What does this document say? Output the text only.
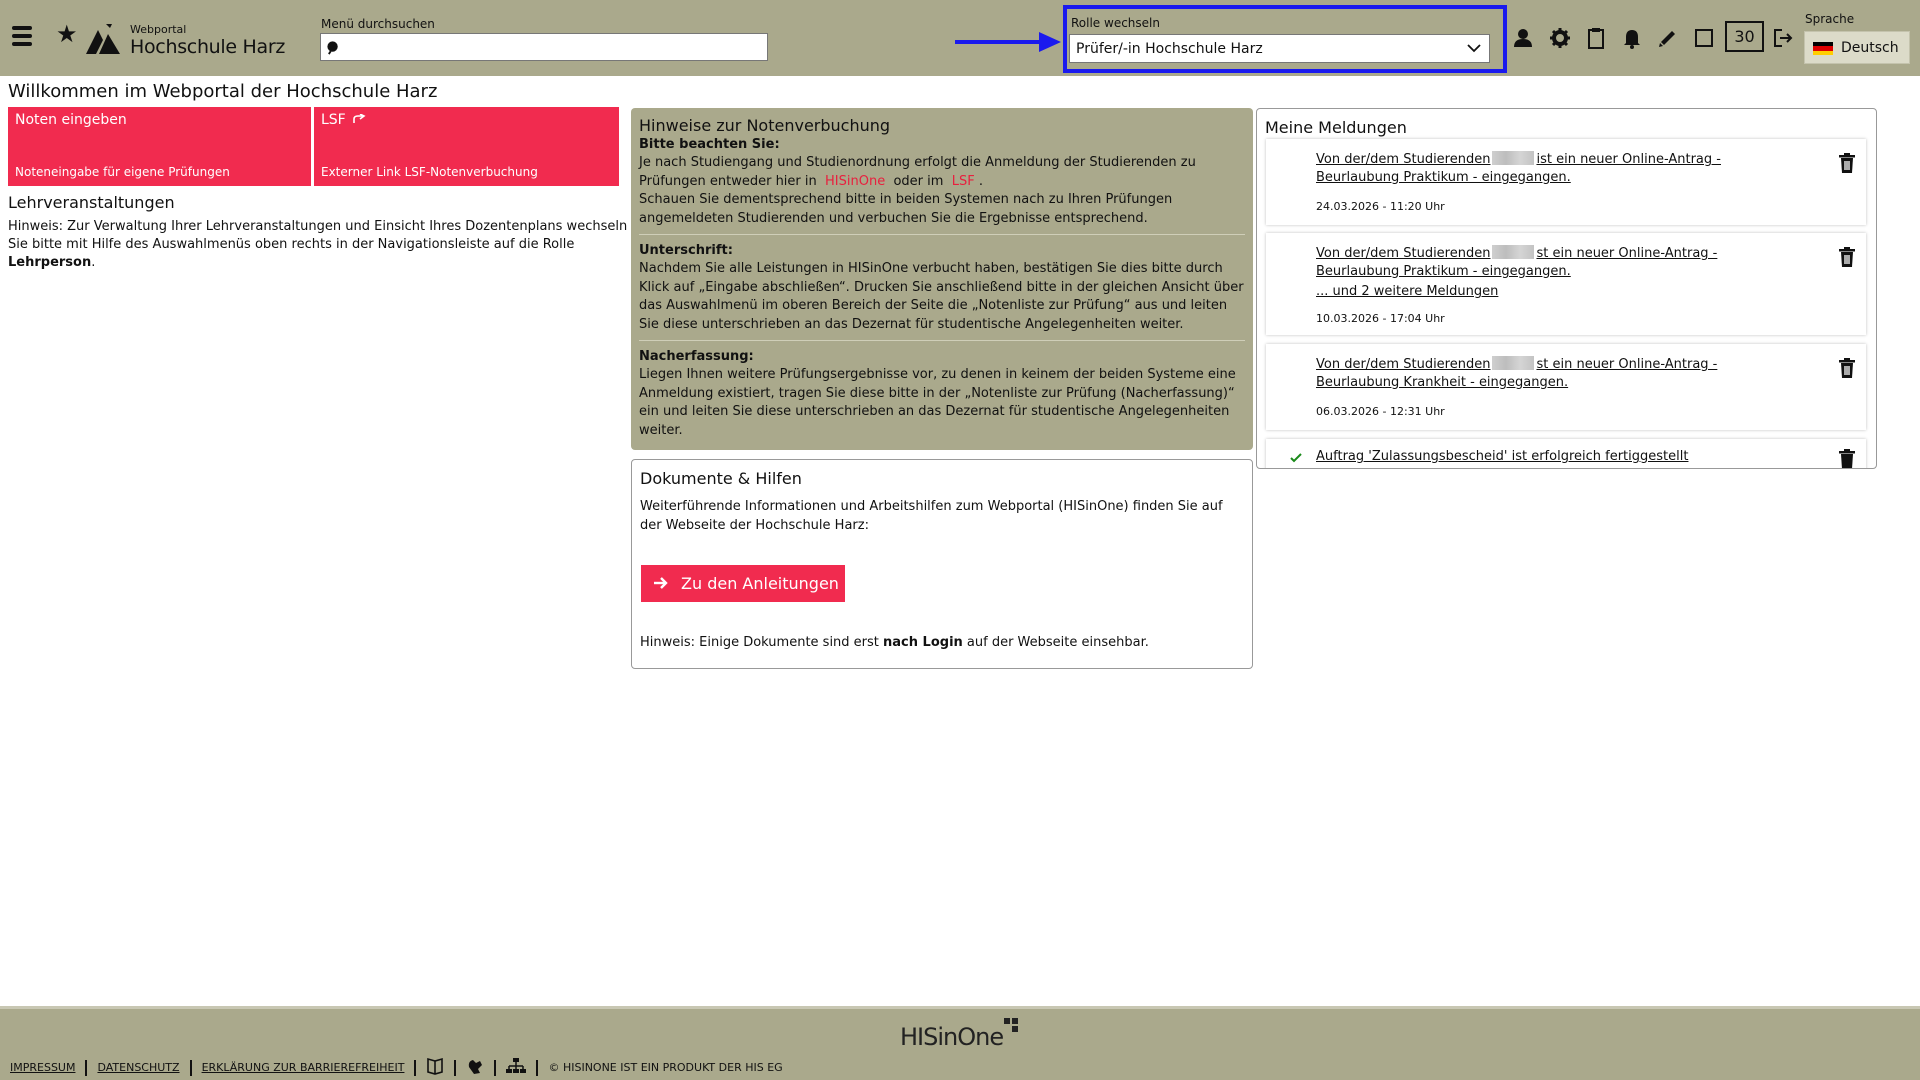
★	Webportal
Hochschule Harz
Menü durchsuchen	Rolle wechseln
Prüfer/-in Hochschule Harz
30
Sprache
Deutsch
Willkommen im Webportal der Hochschule Harz
Noten eingeben
Noteneingabe für eigene Prüfungen
LSF
Externer Link LSF-Notenverbuchung
Lehrveranstaltungen
Hinweis: Zur Verwaltung Ihrer Lehrveranstaltungen und Einsicht Ihres Dozentenplans wechseln Sie bitte mit Hilfe des Auswahlmenüs oben rechts in der Navigationsleiste auf die Rolle Lehrperson.
Hinweise zur Notenverbuchung
Bitte beachten Sie:

Je nach Studiengang und Studienordnung erfolgt die Anmeldung der Studierenden zu Prüfungen entweder hier in HISinOne oder im LSF .
Schauen Sie dementsprechend bitte in beiden Systemen nach zu Ihren Prüfungen angemeldeten Studierenden und verbuchen Sie die Ergebnisse entsprechend.

Unterschrift:

Nachdem Sie alle Leistungen in HISinOne verbucht haben, bestätigen Sie dies bitte durch Klick auf „Eingabe abschließen“. Drucken Sie anschließend bitte in der gleichen Ansicht über das Auswahlmenü im oberen Bereich der Seite die „Notenliste zur Prüfung“ aus und leiten Sie diese unterschrieben an das Dezernat für studentische Angelegenheiten weiter.

Nacherfassung:

Liegen Ihnen weitere Prüfungsergebnisse vor, zu denen in keinem der beiden Systeme eine Anmeldung existiert, tragen Sie diese bitte in der „Notenliste zur Prüfung (Nacherfassung)“ ein und leiten Sie diese unterschrieben an das Dezernat für studentische Angelegenheiten weiter.

Dokumente & Hilfen
Weiterführende Informationen und Arbeitshilfen zum Webportal (HISinOne) finden Sie auf der Webseite der Hochschule Harz:
Zu den Anleitungen
Hinweis: Einige Dokumente sind erst nach Login auf der Webseite einsehbar.
Meine Meldungen
Von der/dem Studierenden	ist ein neuer Online-Antrag - Beurlaubung Praktikum - eingegangen.
24.03.2026 - 11:20 Uhr
Von der/dem Studierenden	st ein neuer Online-Antrag - Beurlaubung Praktikum - eingegangen.
... und 2 weitere Meldungen
10.03.2026 - 17:04 Uhr
Von der/dem Studierenden	st ein neuer Online-Antrag - Beurlaubung Krankheit - eingegangen.
06.03.2026 - 12:31 Uhr
Auftrag 'Zulassungsbescheid' ist erfolgreich fertiggestellt
HISinOne
IMPRESSUM DATENSCHUTZ ERKLÄRUNG ZUR BARRIEREFREIHEIT	© HISINONE IST EIN PRODUKT DER HIS EG
